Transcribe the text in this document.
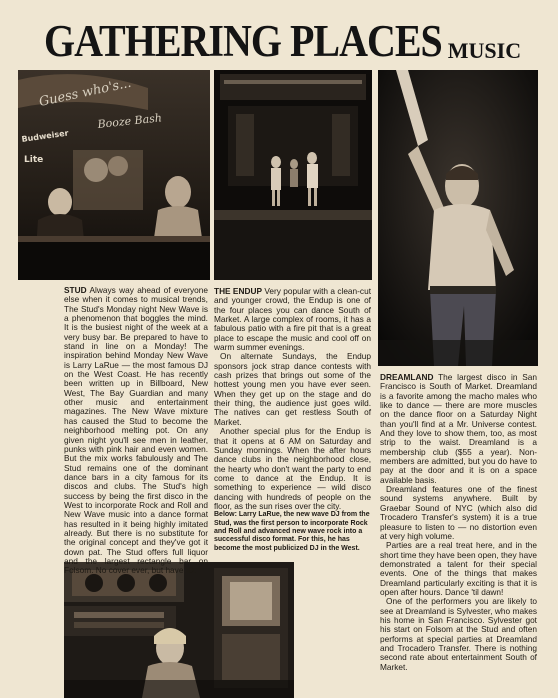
GATHERING PLACES MUSIC
Guess who's...
Booze Bash
Budweiser
Lite

STUD Always way ahead of everyone else when it comes to musical trends, The Stud's Monday night New Wave is a phenomenon that boggles the mind. It is the busiest night of the week at a very busy bar. Be prepared to have to stand in line on a Monday! The inspiration behind Monday New Wave is Larry LaRue — the most famous DJ on the West Coast. He has recently been written up in Billboard, New West, The Bay Guardian and many other music and entertainment magazines. The New Wave mixture has caused the Stud to become the neighborhood melting pot. On any given night you'll see men in leather, punks with pink hair and even women. But the mix works fabulously and The Stud remains one of the dominant dance bars in a city famous for its discos and clubs. The Stud's high success by being the first disco in the West to incorporate Rock and Roll and New Wave music into a dance format has resulted in it being highly imitated already. But there is no substitute for the original concept and they've got it down pat. The Stud offers full liquor and the largest rectangle bar on Folsom. No cover ever, but have ID.

THE ENDUP Very popular with a clean-cut and younger crowd, the Endup is one of the four places you can dance South of Market. A large complex of rooms, it has a fabulous patio with a fire pit that is a great place to escape the music and cool off on warm summer evenings.

On alternate Sundays, the Endup sponsors jock strap dance contests with cash prizes that brings out some of the hottest young men you have ever seen. When they get up on the stage and do their thing, the audience just goes wild. The natives can get restless South of Market.

Another special plus for the Endup is that it opens at 6 AM on Saturday and Sunday mornings. When the after hours dance clubs in the neighborhood close, the hearty who don't want the party to end come to dance at the Endup. It is something to experience — wild disco dancing with hundreds of people on the floor, as the sun rises over the city.

Below: Larry LaRue, the new wave DJ from the Stud, was the first person to incorporate Rock and Roll and advanced new wave rock into a successful disco format. For this, he has become the most publicized DJ in the West.

DREAMLAND The largest disco in San Francisco is South of Market. Dreamland is a favorite among the macho males who like to dance — there are more muscles on the dance floor on a Saturday Night than you'll find at a Mr. Universe contest. And they love to show them, too, as most strip to the waist. Dreamland is a membership club ($55 a year). Non-members are admitted, but you do have to pay at the door and it is on a space available basis.

Dreamland features one of the finest sound systems anywhere. Built by Graebar Sound of NYC (which also did Trocadero Transfer's system) it is a true pleasure to listen to — no distortion even at very high volume.

Parties are a real treat here, and in the short time they have been open, they have demonstrated a talent for their special events. One of the things that makes Dreamland particularly exciting is that it is open after hours. Dance 'til dawn!

One of the performers you are likely to see at Dreamland is Sylvester, who makes his home in San Francisco. Sylvester got his start on Folsom at the Stud and often performs at special parties at Dreamland and Trocadero Transfer. There is nothing second rate about entertainment South of Market.
